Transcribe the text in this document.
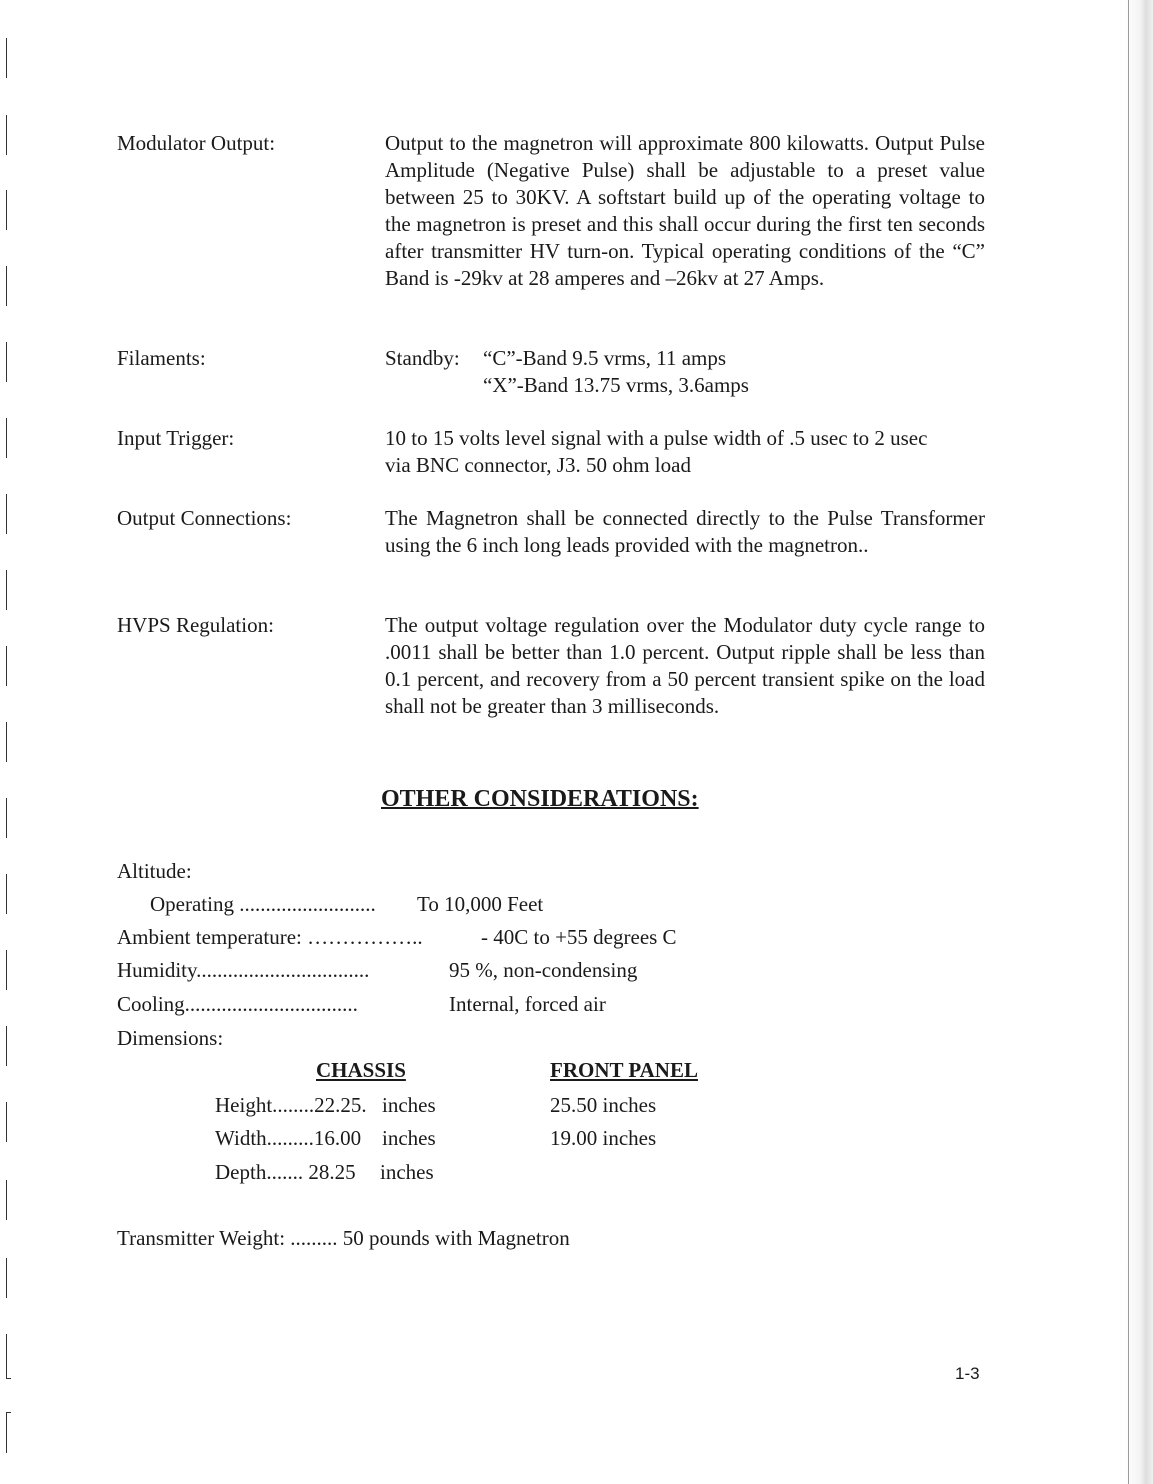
Modulator Output:	Output to the magnetron will approximate 800 kilowatts. Output Pulse Amplitude (Negative Pulse) shall be adjustable to a preset value between 25 to 30KV. A softstart build up of the operating voltage to the magnetron is preset and this shall occur during the first ten seconds after transmitter HV turn-on. Typical operating conditions of the “C” Band is -29kv at 28 amperes and –26kv at 27 Amps.
Filaments:	Standby: “C”-Band 9.5 vrms, 11 amps
“X”-Band 13.75 vrms, 3.6amps
Input Trigger:	10 to 15 volts level signal with a pulse width of .5 usec to 2 usec
via BNC connector, J3. 50 ohm load
Output Connections:	The Magnetron shall be connected directly to the Pulse Transformer using the 6 inch long leads provided with the magnetron..
HVPS Regulation:	The output voltage regulation over the Modulator duty cycle range to .0011 shall be better than 1.0 percent. Output ripple shall be less than 0.1 percent, and recovery from a 50 percent transient spike on the load shall not be greater than 3 milliseconds.
OTHER CONSIDERATIONS:
Altitude:
Operating .......................... To 10,000 Feet
Ambient temperature: ……………..	- 40C to +55 degrees C
Humidity.................................	95 %, non-condensing
Cooling.................................	Internal, forced air
Dimensions:
CHASSIS	FRONT PANEL
Height........22.25. inches	25.50 inches
Width.........16.00 inches	19.00 inches
Depth....... 28.25 inches
Transmitter Weight: ......... 50 pounds with Magnetron
1-3
